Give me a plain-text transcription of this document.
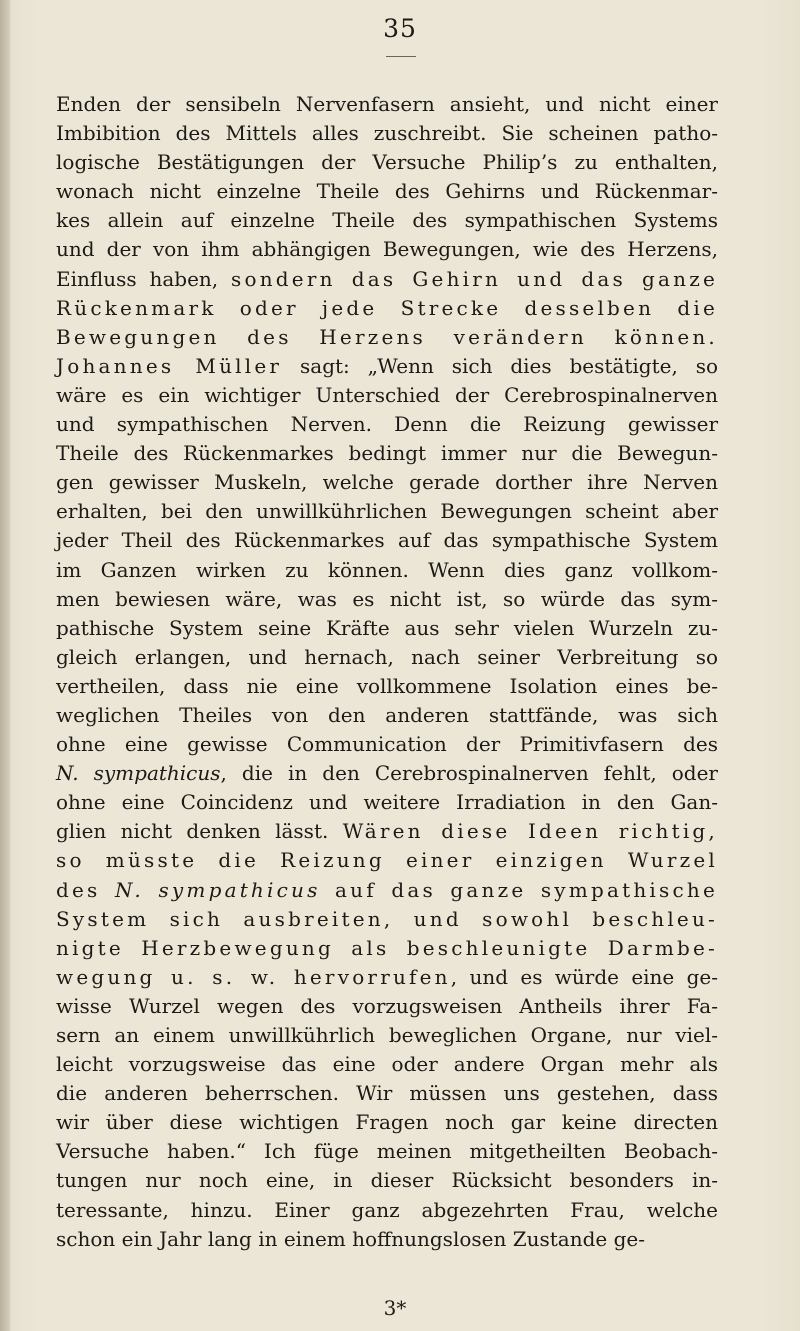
35
Enden der sensibeln Nervenfasern ansieht, und nicht einer
Imbibition des Mittels alles zuschreibt. Sie scheinen patho-
logische Bestätigungen der Versuche Philip’s zu enthalten,
wonach nicht einzelne Theile des Gehirns und Rückenmar-
kes allein auf einzelne Theile des sympathischen Systems
und der von ihm abhängigen Bewegungen, wie des Herzens,
Einfluss haben, sondern das Gehirn und das ganze
Rückenmark oder jede Strecke desselben die
Bewegungen des Herzens verändern können.
Johannes Müller sagt: „Wenn sich dies bestätigte, so
wäre es ein wichtiger Unterschied der Cerebrospinalnerven
und sympathischen Nerven. Denn die Reizung gewisser
Theile des Rückenmarkes bedingt immer nur die Bewegun-
gen gewisser Muskeln, welche gerade dorther ihre Nerven
erhalten, bei den unwillkührlichen Bewegungen scheint aber
jeder Theil des Rückenmarkes auf das sympathische System
im Ganzen wirken zu können. Wenn dies ganz vollkom-
men bewiesen wäre, was es nicht ist, so würde das sym-
pathische System seine Kräfte aus sehr vielen Wurzeln zu-
gleich erlangen, und hernach, nach seiner Verbreitung so
vertheilen, dass nie eine vollkommene Isolation eines be-
weglichen Theiles von den anderen stattfände, was sich
ohne eine gewisse Communication der Primitivfasern des
N. sympathicus, die in den Cerebrospinalnerven fehlt, oder
ohne eine Coincidenz und weitere Irradiation in den Gan-
glien nicht denken lässt. Wären diese Ideen richtig,
so müsste die Reizung einer einzigen Wurzel
des N. sympathicus auf das ganze sympathische
System sich ausbreiten, und sowohl beschleu-
nigte Herzbewegung als beschleunigte Darmbe-
wegung u. s. w. hervorrufen, und es würde eine ge-
wisse Wurzel wegen des vorzugsweisen Antheils ihrer Fa-
sern an einem unwillkührlich beweglichen Organe, nur viel-
leicht vorzugsweise das eine oder andere Organ mehr als
die anderen beherrschen. Wir müssen uns gestehen, dass
wir über diese wichtigen Fragen noch gar keine directen
Versuche haben.“ Ich füge meinen mitgetheilten Beobach-
tungen nur noch eine, in dieser Rücksicht besonders in-
teressante, hinzu. Einer ganz abgezehrten Frau, welche
schon ein Jahr lang in einem hoffnungslosen Zustande ge-
3*
